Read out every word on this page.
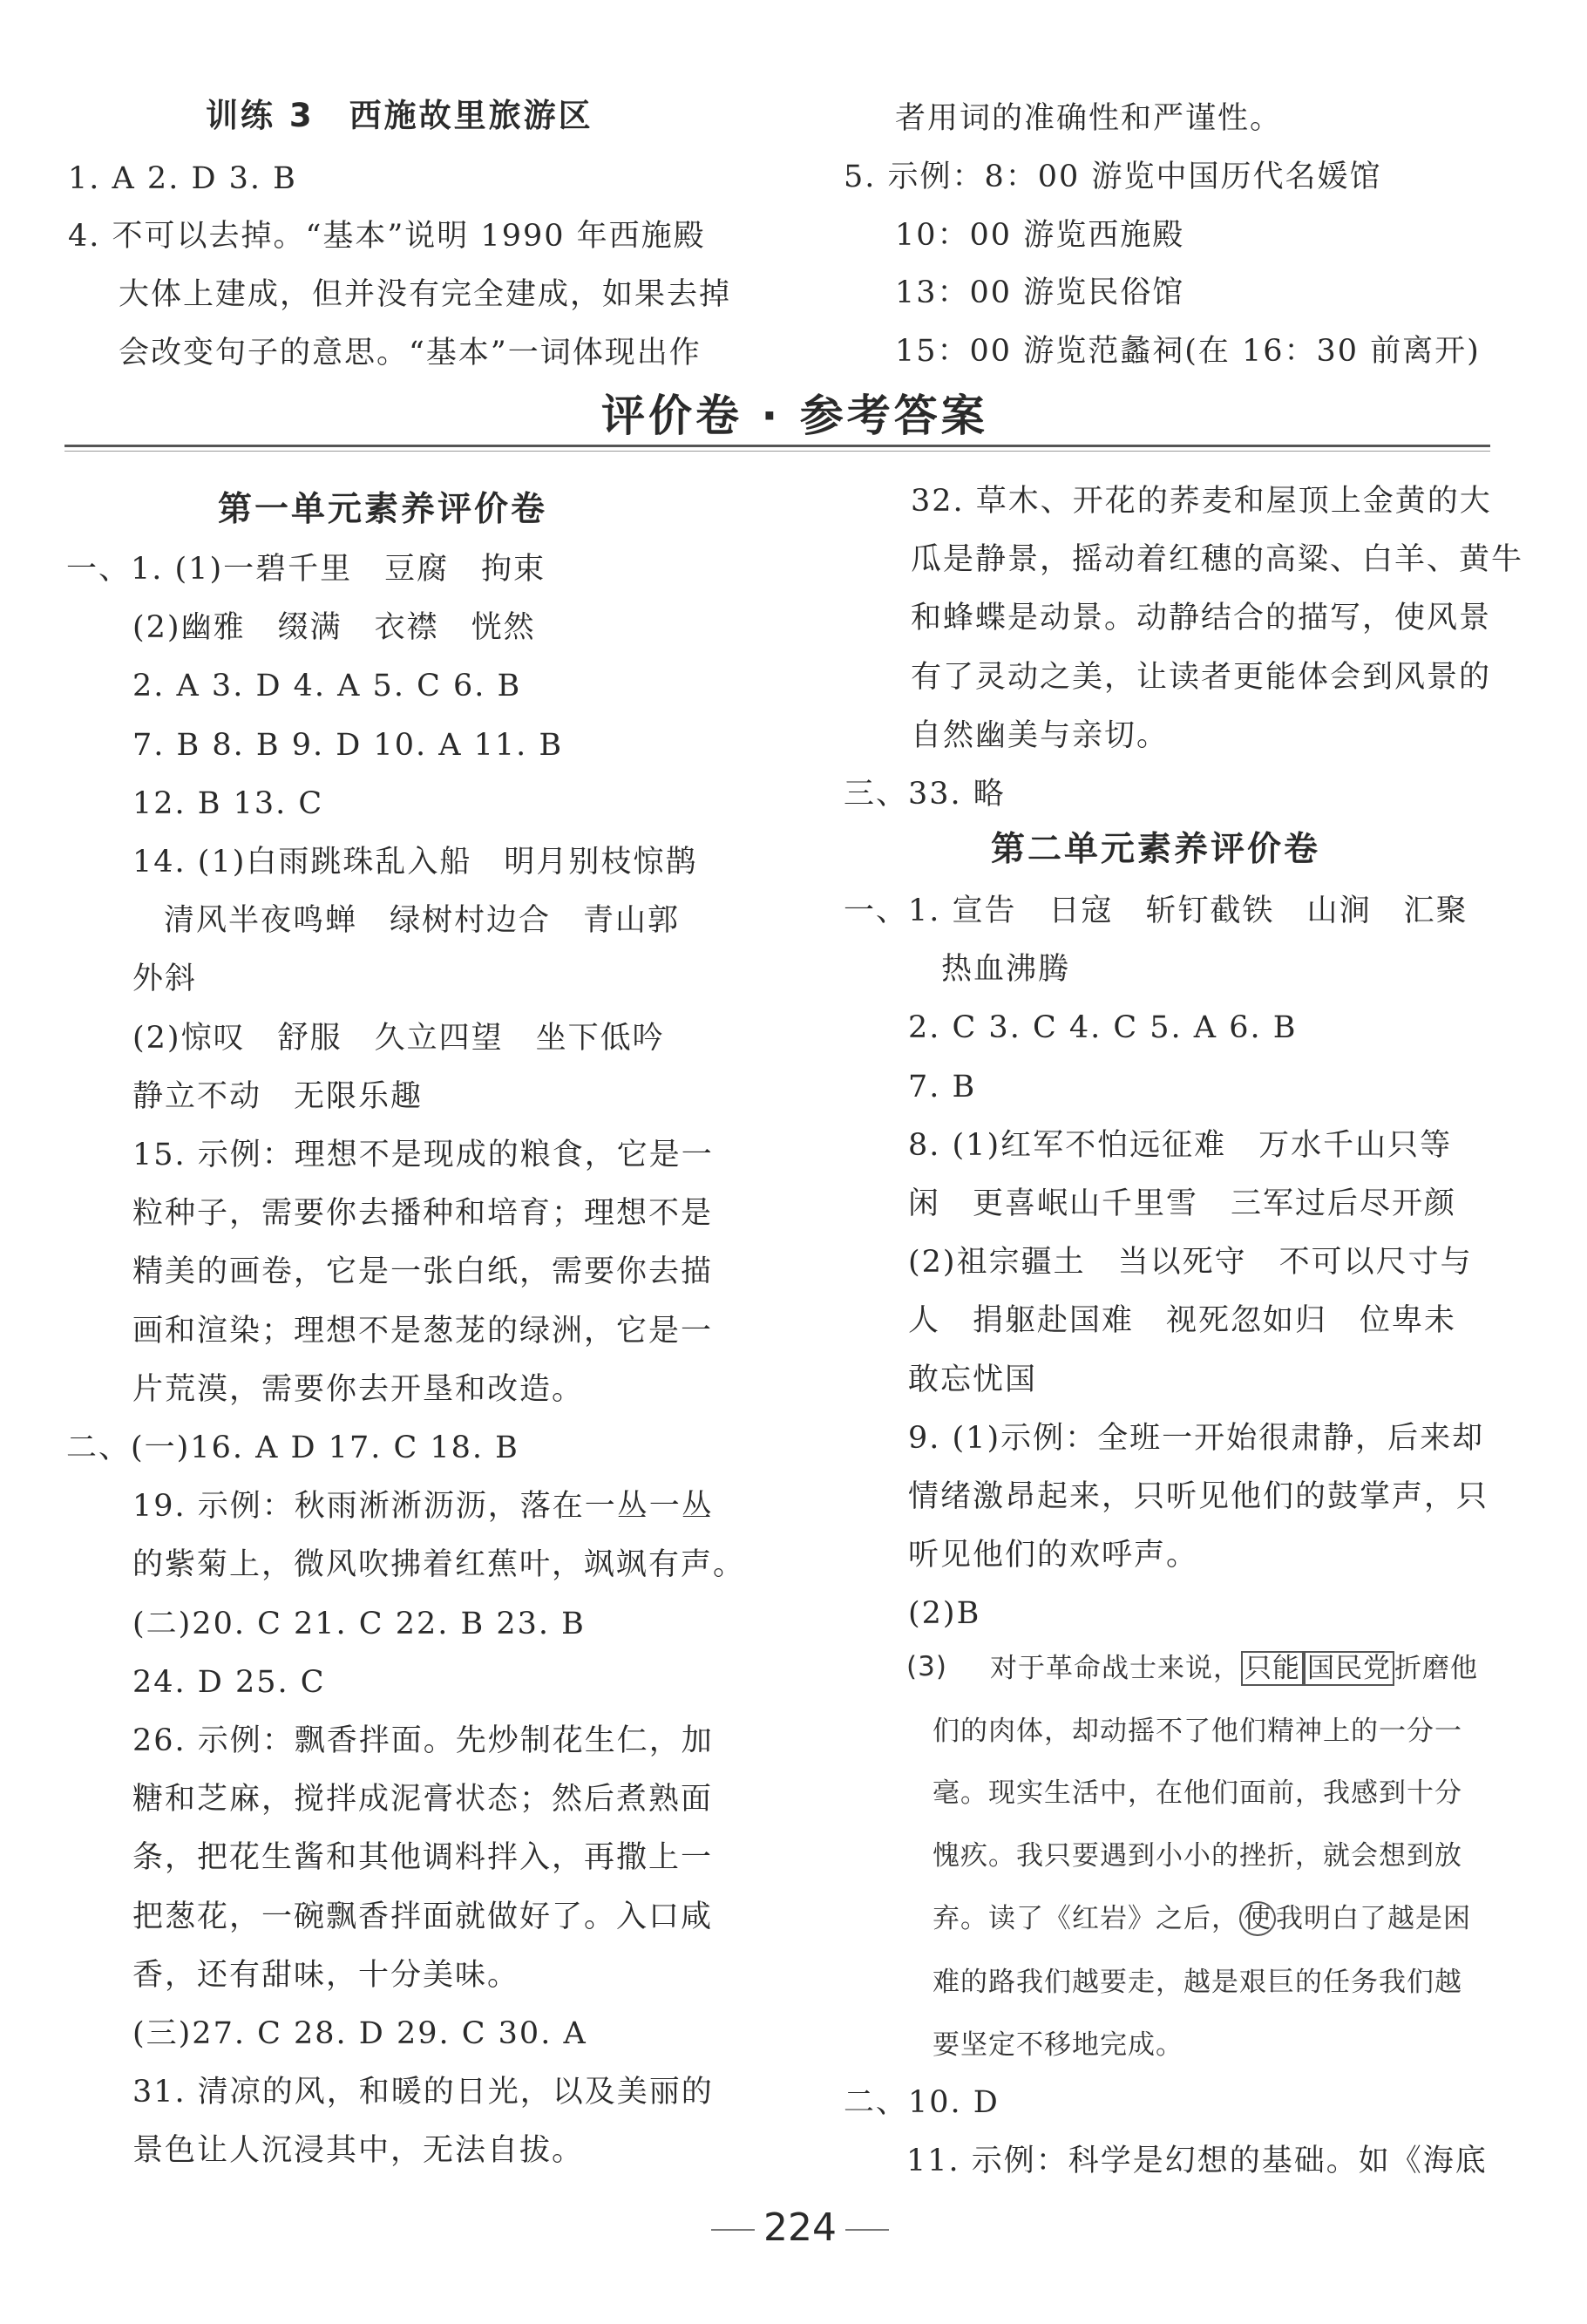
训练 3　西施故里旅游区
1. A 2. D 3. B
4. 不可以去掉。“基本”说明 1990 年西施殿
大体上建成，但并没有完全建成，如果去掉
会改变句子的意思。“基本”一词体现出作
者用词的准确性和严谨性。
5. 示例：8：00 游览中国历代名媛馆
10：00 游览西施殿
13：00 游览民俗馆
15：00 游览范蠡祠(在 16：30 前离开)
评价卷 · 参考答案
第一单元素养评价卷
一、1. (1)一碧千里　豆腐　拘束
(2)幽雅　缀满　衣襟　恍然
2. A 3. D 4. A 5. C 6. B
7. B 8. B 9. D 10. A 11. B
12. B 13. C
14. (1)白雨跳珠乱入船　明月别枝惊鹊
清风半夜鸣蝉　绿树村边合　青山郭
外斜
(2)惊叹　舒服　久立四望　坐下低吟
静立不动　无限乐趣
15. 示例：理想不是现成的粮食，它是一
粒种子，需要你去播种和培育；理想不是
精美的画卷，它是一张白纸，需要你去描
画和渲染；理想不是葱茏的绿洲，它是一
片荒漠，需要你去开垦和改造。
二、(一)16. A D 17. C 18. B
19. 示例：秋雨淅淅沥沥，落在一丛一丛
的紫菊上，微风吹拂着红蕉叶，飒飒有声。
(二)20. C 21. C 22. B 23. B
24. D 25. C
26. 示例：飘香拌面。先炒制花生仁，加
糖和芝麻，搅拌成泥膏状态；然后煮熟面
条，把花生酱和其他调料拌入，再撒上一
把葱花，一碗飘香拌面就做好了。入口咸
香，还有甜味，十分美味。
(三)27. C 28. D 29. C 30. A
31. 清凉的风，和暖的日光，以及美丽的
景色让人沉浸其中，无法自拔。
32. 草木、开花的荞麦和屋顶上金黄的大
瓜是静景，摇动着红穗的高粱、白羊、黄牛
和蜂蝶是动景。动静结合的描写，使风景
有了灵动之美，让读者更能体会到风景的
自然幽美与亲切。
三、33. 略
第二单元素养评价卷
一、1. 宣告　日寇　斩钉截铁　山涧　汇聚
热血沸腾
2. C 3. C 4. C 5. A 6. B
7. B
8. (1)红军不怕远征难　万水千山只等
闲　更喜岷山千里雪　三军过后尽开颜
(2)祖宗疆土　当以死守　不可以尺寸与
人　捐躯赴国难　视死忽如归　位卑未
敢忘忧国
9. (1)示例：全班一开始很肃静，后来却
情绪激昂起来，只听见他们的鼓掌声，只
听见他们的欢呼声。
(2)B
(3) 对于革命战士来说， 只能 国民党 折磨他
们的肉体，却动摇不了他们精神上的一分一
毫。现实生活中，在他们面前，我感到十分
愧疚。我只要遇到小小的挫折，就会想到放
弃。读了《红岩》之后， 使 我明白了越是困
难的路我们越要走，越是艰巨的任务我们越
要坚定不移地完成。
二、10. D
11. 示例：科学是幻想的基础。如《海底
224
